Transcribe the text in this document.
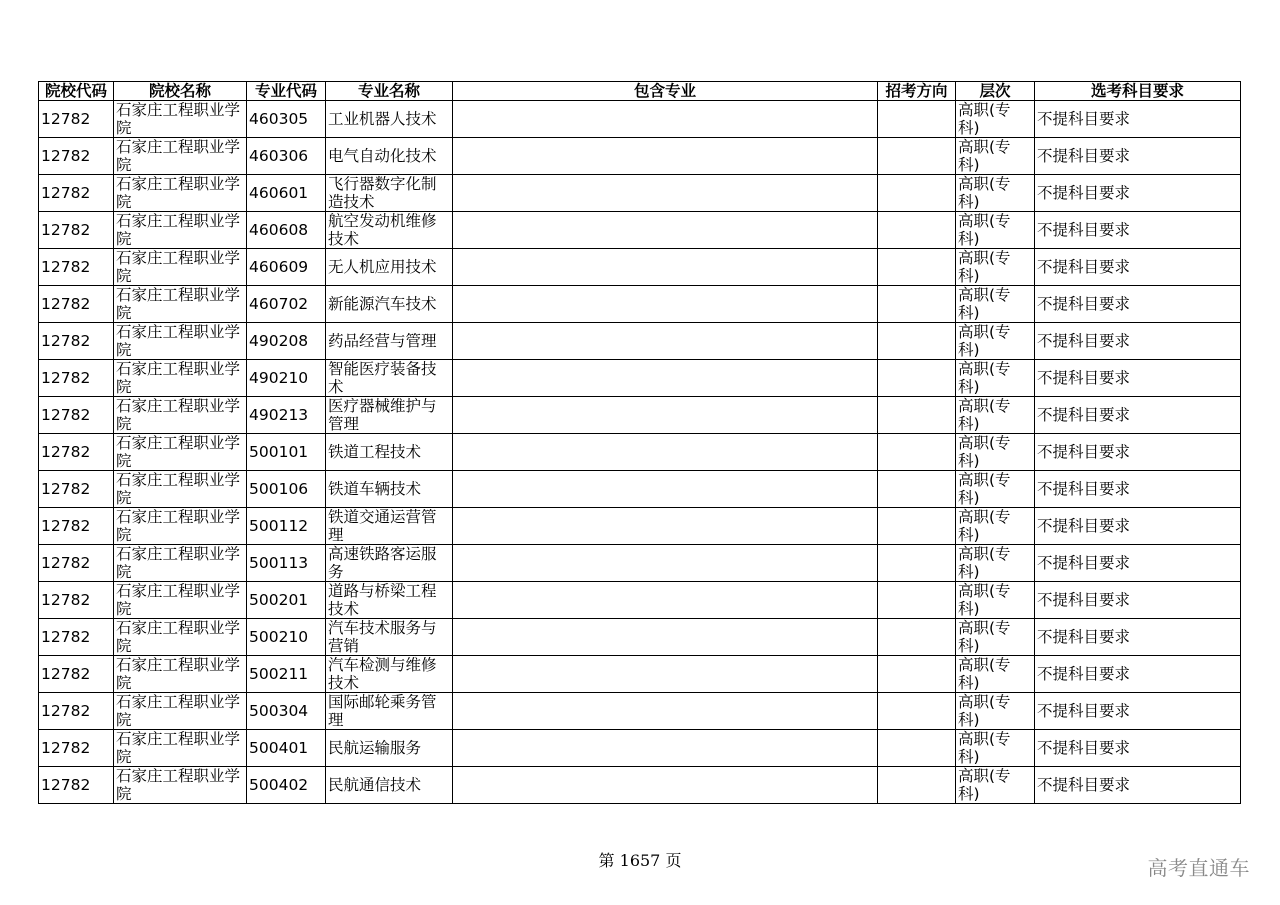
院校代码	院校名称	专业代码	专业名称	包含专业	招考方向	层次	选考科目要求
12782	石家庄工程职业学院	460305	工业机器人技术			高职(专科)	不提科目要求
12782	石家庄工程职业学院	460306	电气自动化技术			高职(专科)	不提科目要求
12782	石家庄工程职业学院	460601	飞行器数字化制造技术			高职(专科)	不提科目要求
12782	石家庄工程职业学院	460608	航空发动机维修技术			高职(专科)	不提科目要求
12782	石家庄工程职业学院	460609	无人机应用技术			高职(专科)	不提科目要求
12782	石家庄工程职业学院	460702	新能源汽车技术			高职(专科)	不提科目要求
12782	石家庄工程职业学院	490208	药品经营与管理			高职(专科)	不提科目要求
12782	石家庄工程职业学院	490210	智能医疗装备技术			高职(专科)	不提科目要求
12782	石家庄工程职业学院	490213	医疗器械维护与管理			高职(专科)	不提科目要求
12782	石家庄工程职业学院	500101	铁道工程技术			高职(专科)	不提科目要求
12782	石家庄工程职业学院	500106	铁道车辆技术			高职(专科)	不提科目要求
12782	石家庄工程职业学院	500112	铁道交通运营管理			高职(专科)	不提科目要求
12782	石家庄工程职业学院	500113	高速铁路客运服务			高职(专科)	不提科目要求
12782	石家庄工程职业学院	500201	道路与桥梁工程技术			高职(专科)	不提科目要求
12782	石家庄工程职业学院	500210	汽车技术服务与营销			高职(专科)	不提科目要求
12782	石家庄工程职业学院	500211	汽车检测与维修技术			高职(专科)	不提科目要求
12782	石家庄工程职业学院	500304	国际邮轮乘务管理			高职(专科)	不提科目要求
12782	石家庄工程职业学院	500401	民航运输服务			高职(专科)	不提科目要求
12782	石家庄工程职业学院	500402	民航通信技术			高职(专科)	不提科目要求
第 1657 页	高考直通车
